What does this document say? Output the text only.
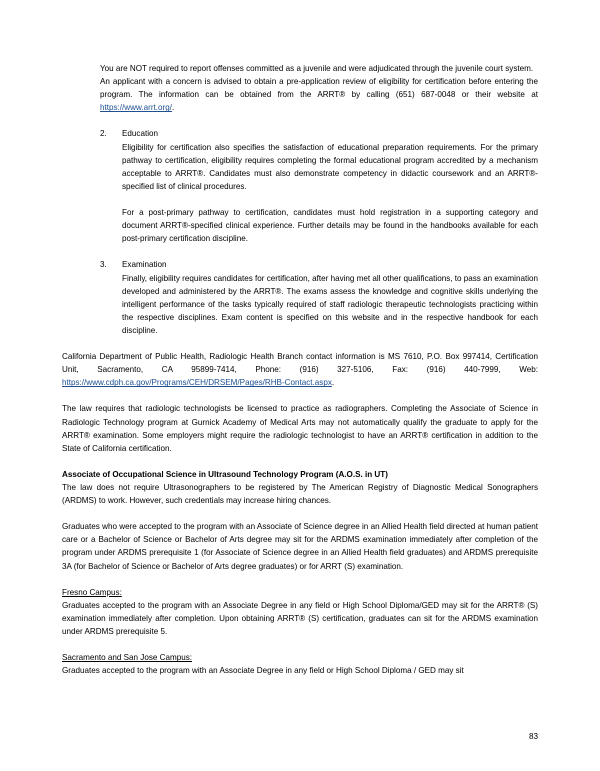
You are NOT required to report offenses committed as a juvenile and were adjudicated through the juvenile court system.

An applicant with a concern is advised to obtain a pre-application review of eligibility for certification before entering the program. The information can be obtained from the ARRT® by calling (651) 687-0048 or their website at https://www.arrt.org/.

2.	Education

Eligibility for certification also specifies the satisfaction of educational preparation requirements. For the primary pathway to certification, eligibility requires completing the formal educational program accredited by a mechanism acceptable to ARRT®. Candidates must also demonstrate competency in didactic coursework and an ARRT®-specified list of clinical procedures.

For a post-primary pathway to certification, candidates must hold registration in a supporting category and document ARRT®-specified clinical experience. Further details may be found in the handbooks available for each post-primary certification discipline.

3.	Examination

Finally, eligibility requires candidates for certification, after having met all other qualifications, to pass an examination developed and administered by the ARRT®. The exams assess the knowledge and cognitive skills underlying the intelligent performance of the tasks typically required of staff radiologic therapeutic technologists practicing within the respective disciplines. Exam content is specified on this website and in the respective handbook for each discipline.

California Department of Public Health, Radiologic Health Branch contact information is MS 7610, P.O. Box 997414, Certification Unit, Sacramento, CA 95899-7414, Phone: (916) 327-5106, Fax: (916) 440-7999, Web: https://www.cdph.ca.gov/Programs/CEH/DRSEM/Pages/RHB-Contact.aspx.

The law requires that radiologic technologists be licensed to practice as radiographers. Completing the Associate of Science in Radiologic Technology program at Gurnick Academy of Medical Arts may not automatically qualify the graduate to apply for the ARRT® examination. Some employers might require the radiologic technologist to have an ARRT® certification in addition to the State of California certification.

Associate of Occupational Science in Ultrasound Technology Program (A.O.S. in UT)

The law does not require Ultrasonographers to be registered by The American Registry of Diagnostic Medical Sonographers (ARDMS) to work. However, such credentials may increase hiring chances.

Graduates who were accepted to the program with an Associate of Science degree in an Allied Health field directed at human patient care or a Bachelor of Science or Bachelor of Arts degree may sit for the ARDMS examination immediately after completion of the program under ARDMS prerequisite 1 (for Associate of Science degree in an Allied Health field graduates) and ARDMS prerequisite 3A (for Bachelor of Science or Bachelor of Arts degree graduates) or for ARRT (S) examination.

Fresno Campus:

Graduates accepted to the program with an Associate Degree in any field or High School Diploma/GED may sit for the ARRT® (S) examination immediately after completion. Upon obtaining ARRT® (S) certification, graduates can sit for the ARDMS examination under ARDMS prerequisite 5.

Sacramento and San Jose Campus:

Graduates accepted to the program with an Associate Degree in any field or High School Diploma / GED may sit

83
